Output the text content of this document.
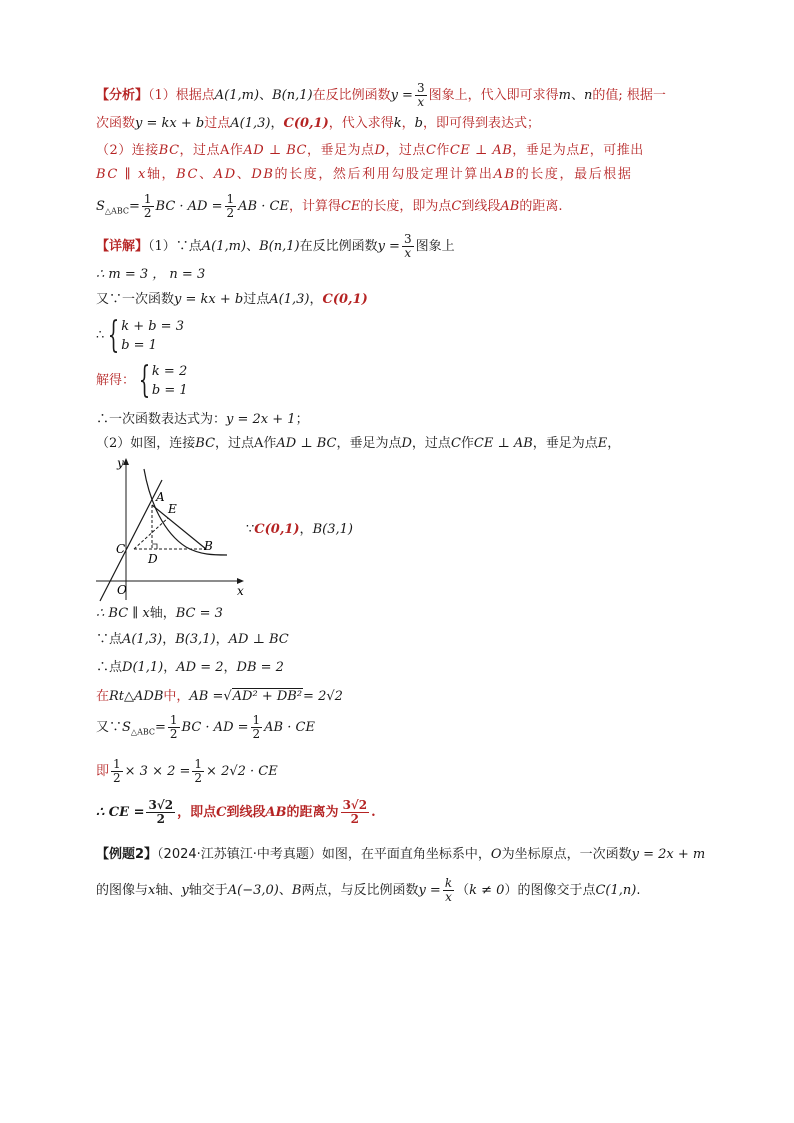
【分析】（1）根据点A(1,m)、B(n,1)在反比例函数$y = \frac{3}{x}$ 图象上，代入即可求得m、n的值; 根据一
次函数y = kx + b过点A(1,3)，C(0,1)，代入求得k，b，即可得到表达式；
（2）连接BC，过点A作AD ⊥ BC，垂足为点D，过点C作CE ⊥ AB，垂足为点E，可推出
BC ∥ x轴，BC、AD、DB的长度，然后利用勾股定理计算出AB的长度，最后根据
$S_{\triangle ABC}= \frac{1}{2}$ BC · AD = $\frac{1}{2}$ AB · CE，计算得CE的长度，即为点C到线段AB的距离.
【详解】（1）∵点A(1,m)、B(n,1)在反比例函数$y = \frac{3}{x}$ 图象上
∴ m = 3 ， n = 3
又∵一次函数y = kx + b过点A(1,3)，C(0,1)
∴ { k + b = 3
b = 1
解得： { k = 2
b = 1
∴一次函数表达式为：y = 2x + 1；
（2）如图，连接BC，过点A作AD ⊥ BC，垂足为点D，过点C作CE ⊥ AB，垂足为点E，
y
x
O
A
E
B
C
D
∵C(0,1)，B(3,1)
∴ BC ∥ x轴，BC = 3
∵点A(1,3)，B(3,1)，AD ⊥ BC
∴点D(1,1)，AD = 2，DB = 2
在Rt△ADB中，AB =√AD² + DB²= 2√2
又$\because S_{\triangle ABC}= \frac{1}{2}$ BC · AD = $\frac{1}{2}$ AB · CE
即 $\frac{1}{2} \times 3 \times 2 = \frac{1}{2} \times 2√2$ · CE
∴ CE = $\frac{3√2}{2}$ ，即点C到线段AB的距离为 $\frac{3√2}{2}$ .
【例题2】（2024·江苏镇江·中考真题）如图，在平面直角坐标系中，O为坐标原点，一次函数y = 2x + m
的图像与x轴、y轴交于A(−3,0)、B两点，与反比例函数$y = \frac{k}{x} (k \ne 0)$的图像交于点C(1,n).
